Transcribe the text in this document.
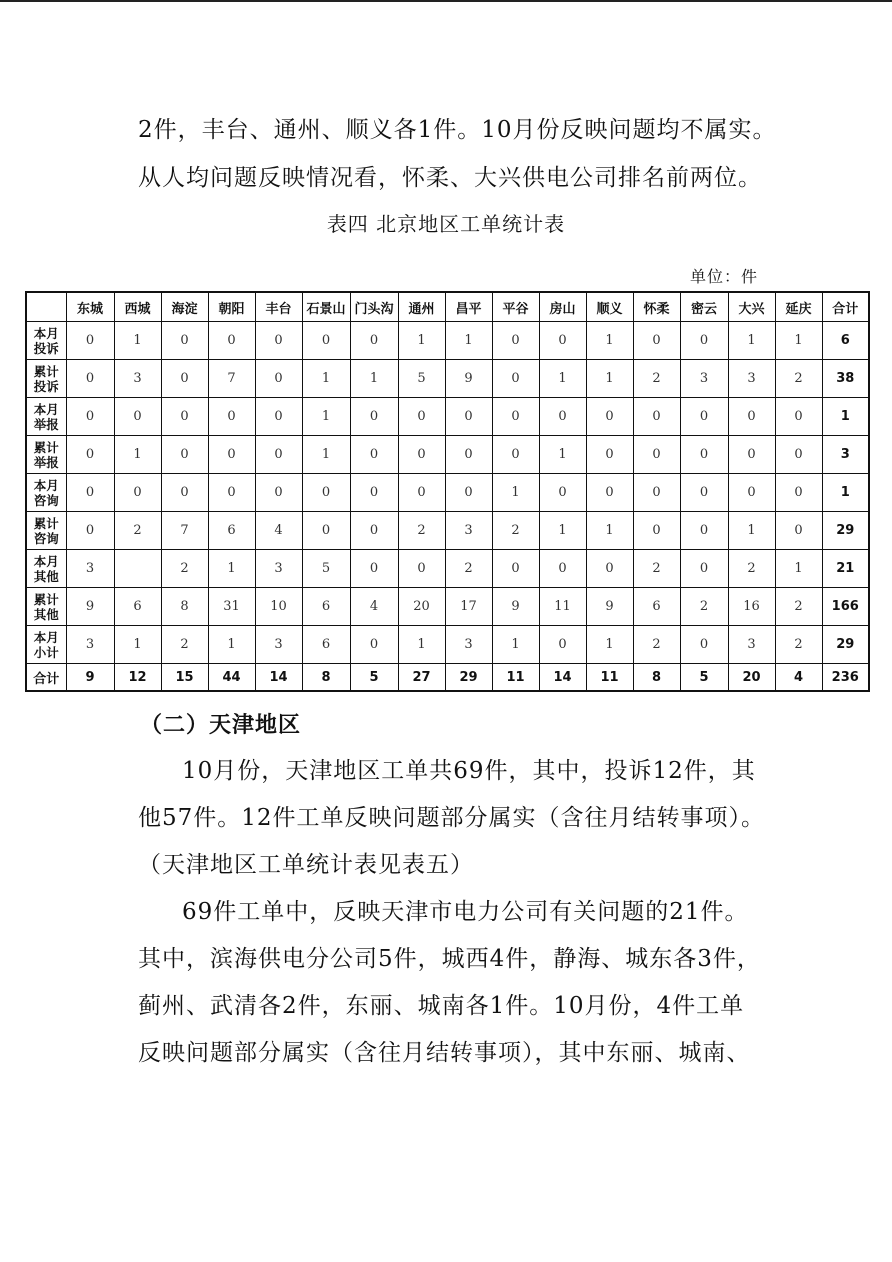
2件，丰台、通州、顺义各1件。10月份反映问题均不属实。
从人均问题反映情况看，怀柔、大兴供电公司排名前两位。
表四 北京地区工单统计表
单位：件
	东城	西城	海淀	朝阳	丰台	石景山	门头沟	通州	昌平	平谷	房山	顺义	怀柔	密云	大兴	延庆	合计

本月
投诉	0	1	0	0	0	0	0	1	1	0	0	1	0	0	1	1	6

累计
投诉	0	3	0	7	0	1	1	5	9	0	1	1	2	3	3	2	38

本月
举报	0	0	0	0	0	1	0	0	0	0	0	0	0	0	0	0	1

累计
举报	0	1	0	0	0	1	0	0	0	0	1	0	0	0	0	0	3

本月
咨询	0	0	0	0	0	0	0	0	0	1	0	0	0	0	0	0	1

累计
咨询	0	2	7	6	4	0	0	2	3	2	1	1	0	0	1	0	29

本月
其他	3		2	1	3	5	0	0	2	0	0	0	2	0	2	1	21

累计
其他	9	6	8	31	10	6	4	20	17	9	11	9	6	2	16	2	166

本月
小计	3	1	2	1	3	6	0	1	3	1	0	1	2	0	3	2	29
合计	9	12	15	44	14	8	5	27	29	11	14	11	8	5	20	4	236
（二）天津地区
10月份，天津地区工单共69件，其中，投诉12件，其
他57件。12件工单反映问题部分属实（含往月结转事项）。
（天津地区工单统计表见表五）
69件工单中，反映天津市电力公司有关问题的21件。
其中，滨海供电分公司5件，城西4件，静海、城东各3件，
蓟州、武清各2件，东丽、城南各1件。10月份，4件工单
反映问题部分属实（含往月结转事项），其中东丽、城南、
